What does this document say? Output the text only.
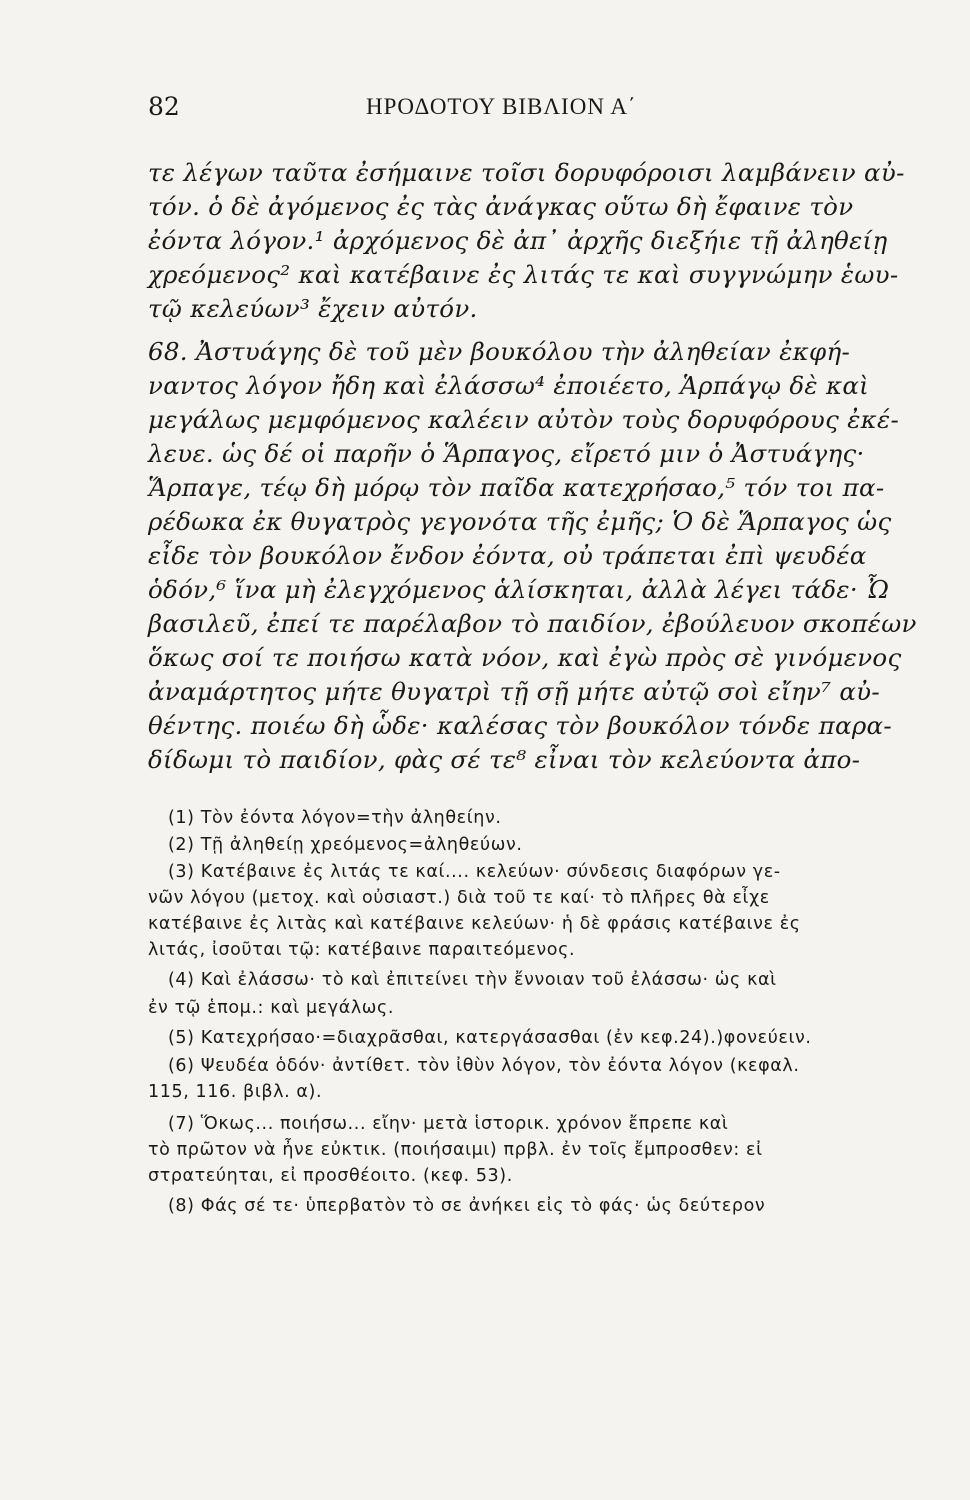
82	ΗΡΟΔΟΤΟΥ ΒΙΒΛΙΟΝ Α΄
τε λέγων ταῦτα ἐσήμαινε τοῖσι δορυφόροισι λαμβάνειν αὐ-
τόν. ὁ δὲ ἀγόμενος ἐς τὰς ἀνάγκας οὕτω δὴ ἔφαινε τὸν
ἐόντα λόγον.¹ ἀρχόμενος δὲ ἀπ᾿ ἀρχῆς διεξήιε τῇ ἀληθείῃ
χρεόμενος² καὶ κατέβαινε ἐς λιτάς τε καὶ συγγνώμην ἑωυ-
τῷ κελεύων³ ἔχειν αὐτόν.
68. Ἀστυάγης δὲ τοῦ μὲν βουκόλου τὴν ἀληθείαν ἐκφή-
ναντος λόγον ἤδη καὶ ἐλάσσω⁴ ἐποιέετο, Ἁρπάγῳ δὲ καὶ
μεγάλως μεμφόμενος καλέειν αὐτὸν τοὺς δορυφόρους ἐκέ-
λευε. ὡς δέ οἱ παρῆν ὁ Ἅρπαγος, εἴρετό μιν ὁ Ἀστυάγης·
Ἅρπαγε, τέῳ δὴ μόρῳ τὸν παῖδα κατεχρήσαο,⁵ τόν τοι πα-
ρέδωκα ἐκ θυγατρὸς γεγονότα τῆς ἐμῆς; Ὁ δὲ Ἅρπαγος ὡς
εἶδε τὸν βουκόλον ἔνδον ἐόντα, οὐ τράπεται ἐπὶ ψευδέα
ὁδόν,⁶ ἵνα μὴ ἐλεγχόμενος ἁλίσκηται, ἀλλὰ λέγει τάδε· Ὦ
βασιλεῦ, ἐπεί τε παρέλαβον τὸ παιδίον, ἐβούλευον σκοπέων
ὅκως σοί τε ποιήσω κατὰ νόον, καὶ ἐγὼ πρὸς σὲ γινόμενος
ἀναμάρτητος μήτε θυγατρὶ τῇ σῇ μήτε αὐτῷ σοὶ εἴην⁷ αὐ-
θέντης. ποιέω δὴ ὧδε· καλέσας τὸν βουκόλον τόνδε παρα-
δίδωμι τὸ παιδίον, φὰς σέ τε⁸ εἶναι τὸν κελεύοντα ἀπο-
(1) Τὸν ἐόντα λόγον=τὴν ἀληθείην.
(2) Τῇ ἀληθείῃ χρεόμενος=ἀληθεύων.
(3) Κατέβαινε ἐς λιτάς τε καί.... κελεύων· σύνδεσις διαφόρων γε-
νῶν λόγου (μετοχ. καὶ οὐσιαστ.) διὰ τοῦ τε καί· τὸ πλῆρες θὰ εἶχε
κατέβαινε ἐς λιτὰς καὶ κατέβαινε κελεύων· ἡ δὲ φράσις κατέβαινε ἐς
λιτάς, ἰσοῦται τῷ: κατέβαινε παραιτεόμενος.
(4) Καὶ ἐλάσσω· τὸ καὶ ἐπιτείνει τὴν ἔννοιαν τοῦ ἐλάσσω· ὡς καὶ
ἐν τῷ ἑπομ.: καὶ μεγάλως.
(5) Κατεχρήσαο·=διαχρᾶσθαι, κατεργάσασθαι (ἐν κεφ.24).)φονεύειν.
(6) Ψευδέα ὁδόν· ἀντίθετ. τὸν ἰθὺν λόγον, τὸν ἐόντα λόγον (κεφαλ.
115, 116. βιβλ. α).
(7) Ὅκως... ποιήσω... εἴην· μετὰ ἱστορικ. χρόνον ἔπρεπε καὶ
τὸ πρῶτον νὰ ἦνε εὐκτικ. (ποιήσαιμι) πρβλ. ἐν τοῖς ἔμπροσθεν: εἰ
στρατεύηται, εἰ προσθέοιτο. (κεφ. 53).
(8) Φάς σέ τε· ὑπερβατὸν τὸ σε ἀνήκει εἰς τὸ φάς· ὡς δεύτερον
